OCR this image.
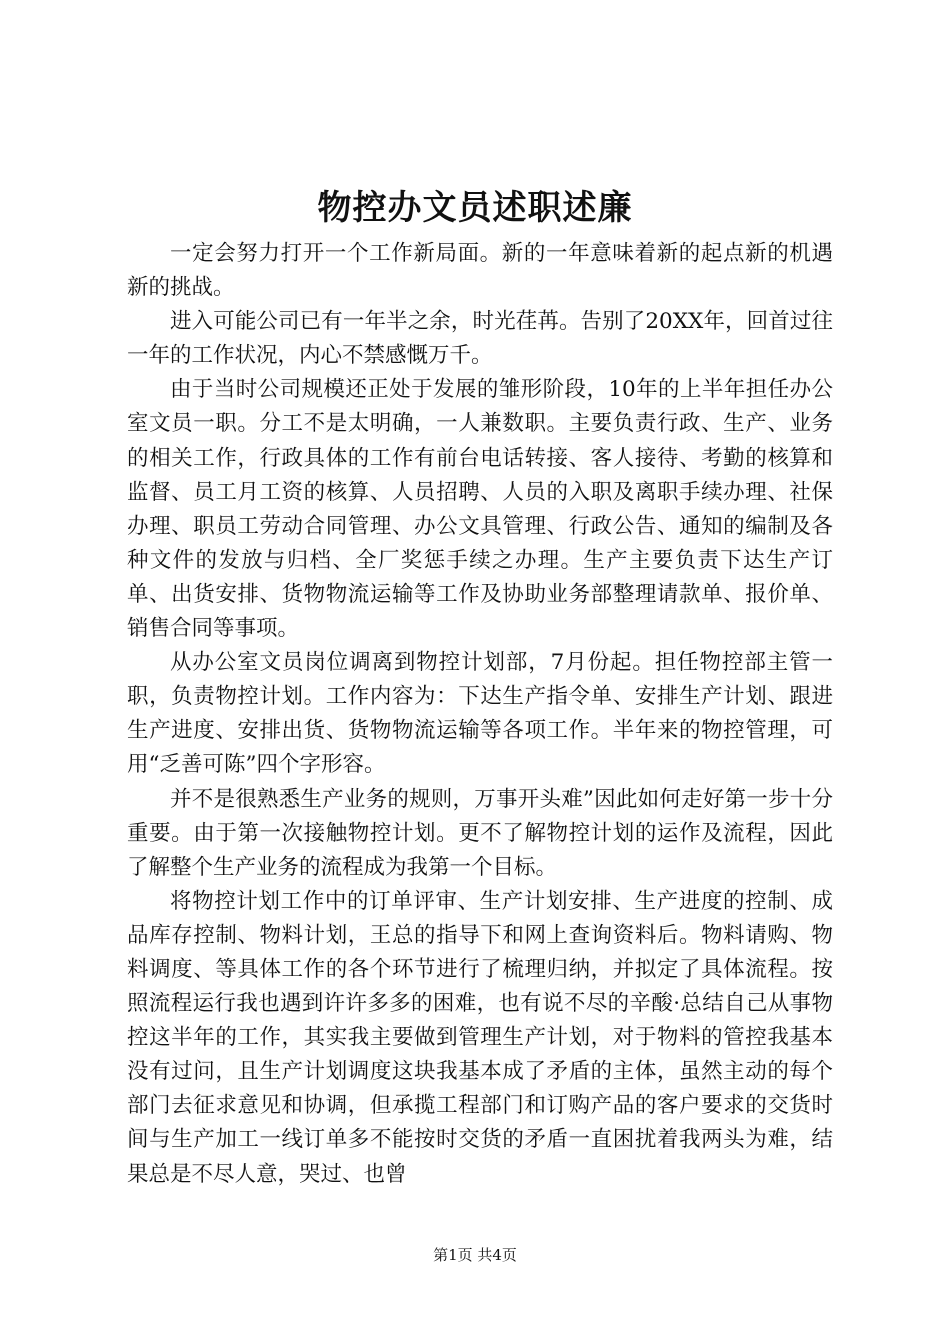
物控办文员述职述廉

一定会努力打开一个工作新局面。新的一年意味着新的起点新的机遇新的挑战。

进入可能公司已有一年半之余，时光荏苒。告别了20XX年，回首过往一年的工作状况，内心不禁感慨万千。

由于当时公司规模还正处于发展的雏形阶段，10年的上半年担任办公室文员一职。分工不是太明确，一人兼数职。主要负责行政、生产、业务的相关工作，行政具体的工作有前台电话转接、客人接待、考勤的核算和监督、员工月工资的核算、人员招聘、人员的入职及离职手续办理、社保办理、职员工劳动合同管理、办公文具管理、行政公告、通知的编制及各种文件的发放与归档、全厂奖惩手续之办理。生产主要负责下达生产订单、出货安排、货物物流运输等工作及协助业务部整理请款单、报价单、销售合同等事项。

从办公室文员岗位调离到物控计划部，7月份起。担任物控部主管一职，负责物控计划。工作内容为：下达生产指令单、安排生产计划、跟进生产进度、安排出货、货物物流运输等各项工作。半年来的物控管理，可用“乏善可陈”四个字形容。

并不是很熟悉生产业务的规则，万事开头难”因此如何走好第一步十分重要。由于第一次接触物控计划。更不了解物控计划的运作及流程，因此了解整个生产业务的流程成为我第一个目标。

将物控计划工作中的订单评审、生产计划安排、生产进度的控制、成品库存控制、物料计划，王总的指导下和网上查询资料后。物料请购、物料调度、等具体工作的各个环节进行了梳理归纳，并拟定了具体流程。按照流程运行我也遇到许许多多的困难，也有说不尽的辛酸·总结自己从事物控这半年的工作，其实我主要做到管理生产计划，对于物料的管控我基本没有过问，且生产计划调度这块我基本成了矛盾的主体，虽然主动的每个部门去征求意见和协调，但承揽工程部门和订购产品的客户要求的交货时间与生产加工一线订单多不能按时交货的矛盾一直困扰着我两头为难，结果总是不尽人意，哭过、也曾

第1页 共4页
